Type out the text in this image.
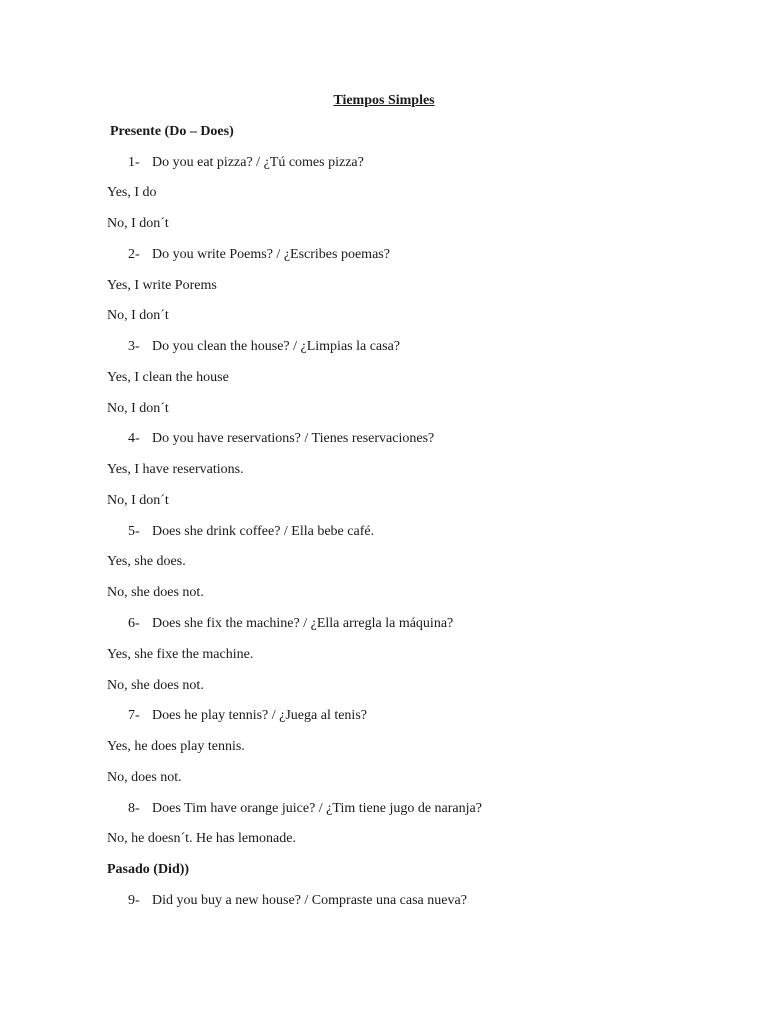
Tiempos Simples
Presente (Do – Does)
1- Do you eat pizza? / ¿Tú comes pizza?
Yes, I do
No, I don´t
2- Do you write Poems? / ¿Escribes poemas?
Yes, I write Porems
No, I don´t
3- Do you clean the house? / ¿Limpias la casa?
Yes, I clean the house
No, I don´t
4- Do you have reservations? / Tienes reservaciones?
Yes, I have reservations.
No, I don´t
5- Does she drink coffee? / Ella bebe café.
Yes, she does.
No, she does not.
6- Does she fix the machine? / ¿Ella arregla la máquina?
Yes, she fixe the machine.
No, she does not.
7- Does he play tennis? / ¿Juega al tenis?
Yes, he does play tennis.
No, does not.
8- Does Tim have orange juice? / ¿Tim tiene jugo de naranja?
No, he doesn´t. He has lemonade.
Pasado (Did))
9- Did you buy a new house? / Compraste una casa nueva?
